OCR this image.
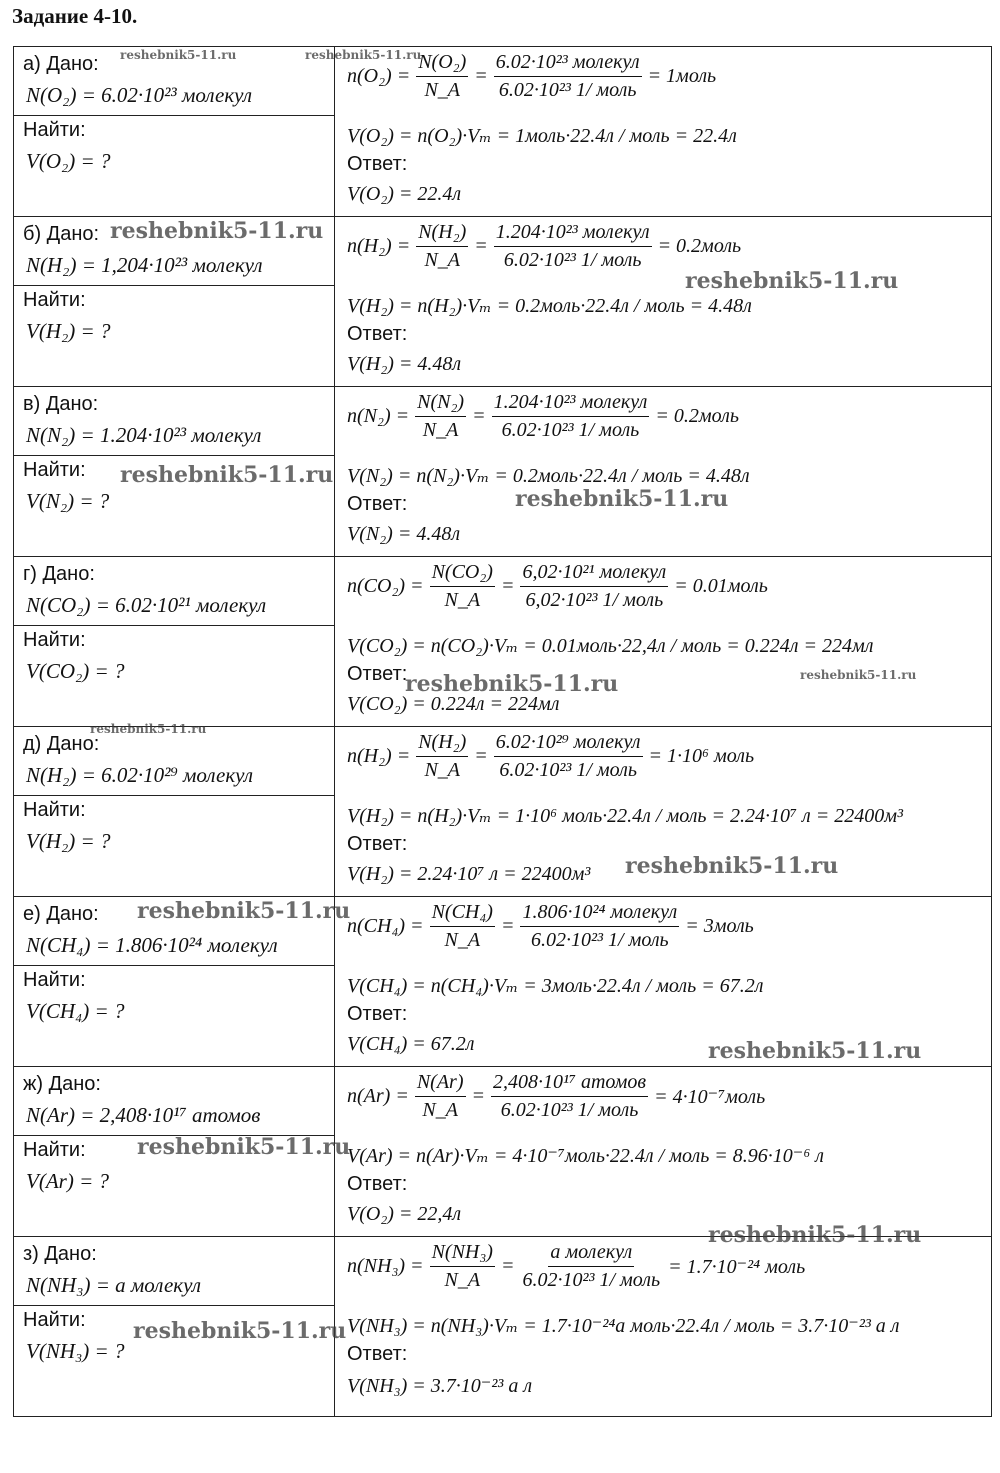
Задание 4-10.
а) Дано:
N(O₂) = 6.02·10²³ молекул
Найти:
V(O₂) = ?
$n(O_2) = \frac{\text{N(O₂)}}{N\_A} = \frac{\text{6.02·10²³ молекул}}{\text{6.02·10²³ 1/ моль}}$ = 1моль
V(O₂) = n(O₂)·Vₘ = 1моль·22.4л / моль = 22.4л
Ответ:
V(O₂) = 22.4л
б) Дано:
N(H₂) = 1,204·10²³ молекул
Найти:
V(H₂) = ?
$n(H_2) = \frac{\text{N(H₂)}}{N\_A} = \frac{\text{1.204·10²³ молекул}}{\text{6.02·10²³ 1/ моль}}$ = 0.2моль
V(H₂) = n(H₂)·Vₘ = 0.2моль·22.4л / моль = 4.48л
Ответ:
V(H₂) = 4.48л
в) Дано:
N(N₂) = 1.204·10²³ молекул
Найти:
V(N₂) = ?
$n(N_2) = \frac{\text{N(N₂)}}{N\_A} = \frac{\text{1.204·10²³ молекул}}{\text{6.02·10²³ 1/ моль}}$ = 0.2моль
V(N₂) = n(N₂)·Vₘ = 0.2моль·22.4л / моль = 4.48л
Ответ:
V(N₂) = 4.48л
г) Дано:
N(CO₂) = 6.02·10²¹ молекул
Найти:
V(CO₂) = ?
$n(CO_2) = \frac{\text{N(CO₂)}}{N\_A} = \frac{\text{6,02·10²¹ молекул}}{\text{6,02·10²³ 1/ моль}}$ = 0.01моль
V(CO₂) = n(CO₂)·Vₘ = 0.01моль·22,4л / моль = 0.224л = 224мл
Ответ:
V(CO₂) = 0.224л = 224мл
д) Дано:
N(H₂) = 6.02·10²⁹ молекул
Найти:
V(H₂) = ?
$n(H_2) = \frac{\text{N(H₂)}}{N\_A} = \frac{\text{6.02·10²⁹ молекул}}{\text{6.02·10²³ 1/ моль}} = 1\cdot 10^6$ моль
V(H₂) = n(H₂)·Vₘ = 1·10⁶ моль·22.4л / моль = 2.24·10⁷ л = 22400м³
Ответ:
V(H₂) = 2.24·10⁷ л = 22400м³
е) Дано:
N(CH₄) = 1.806·10²⁴ молекул
Найти:
V(CH₄) = ?
$n(CH_4) = \frac{\text{N(CH₄)}}{N\_A} = \frac{\text{1.806·10²⁴ молекул}}{\text{6.02·10²³ 1/ моль}}$ = 3моль
V(CH₄) = n(CH₄)·Vₘ = 3моль·22.4л / моль = 67.2л
Ответ:
V(CH₄) = 67.2л
ж) Дано:
N(Ar) = 2,408·10¹⁷ атомов
Найти:
V(Ar) = ?
$n(Ar) = \frac{N(Ar)}{N\_A} = \frac{\text{2,408·10¹⁷ атомов}}{\text{6.02·10²³ 1/ моль}}$ = 4·10⁻⁷моль
V(Ar) = n(Ar)·Vₘ = 4·10⁻⁷моль·22.4л / моль = 8.96·10⁻⁶ л
Ответ:
V(O₂) = 22,4л
з) Дано:
N(NH₃) = a молекул
Найти:
V(NH₃) = ?
$n(NH_3) = \frac{\text{N(NH₃)}}{N\_A} = \frac{\text{a молекул}}{\text{6.02·10²³ 1/ моль}} = 1.7\cdot 10^{-24}$ моль
V(NH₃) = n(NH₃)·Vₘ = 1.7·10⁻²⁴a моль·22.4л / моль = 3.7·10⁻²³ a л
Ответ:
V(NH₃) = 3.7·10⁻²³ a л
reshebnik5-11.ru	reshebnik5-11.ru
reshebnik5-11.ru
reshebnik5-11.ru
reshebnik5-11.ru
reshebnik5-11.ru
reshebnik5-11.ru	reshebnik5-11.ru
reshebnik5-11.ru
reshebnik5-11.ru
reshebnik5-11.ru
reshebnik5-11.ru
reshebnik5-11.ru
reshebnik5-11.ru
reshebnik5-11.ru
